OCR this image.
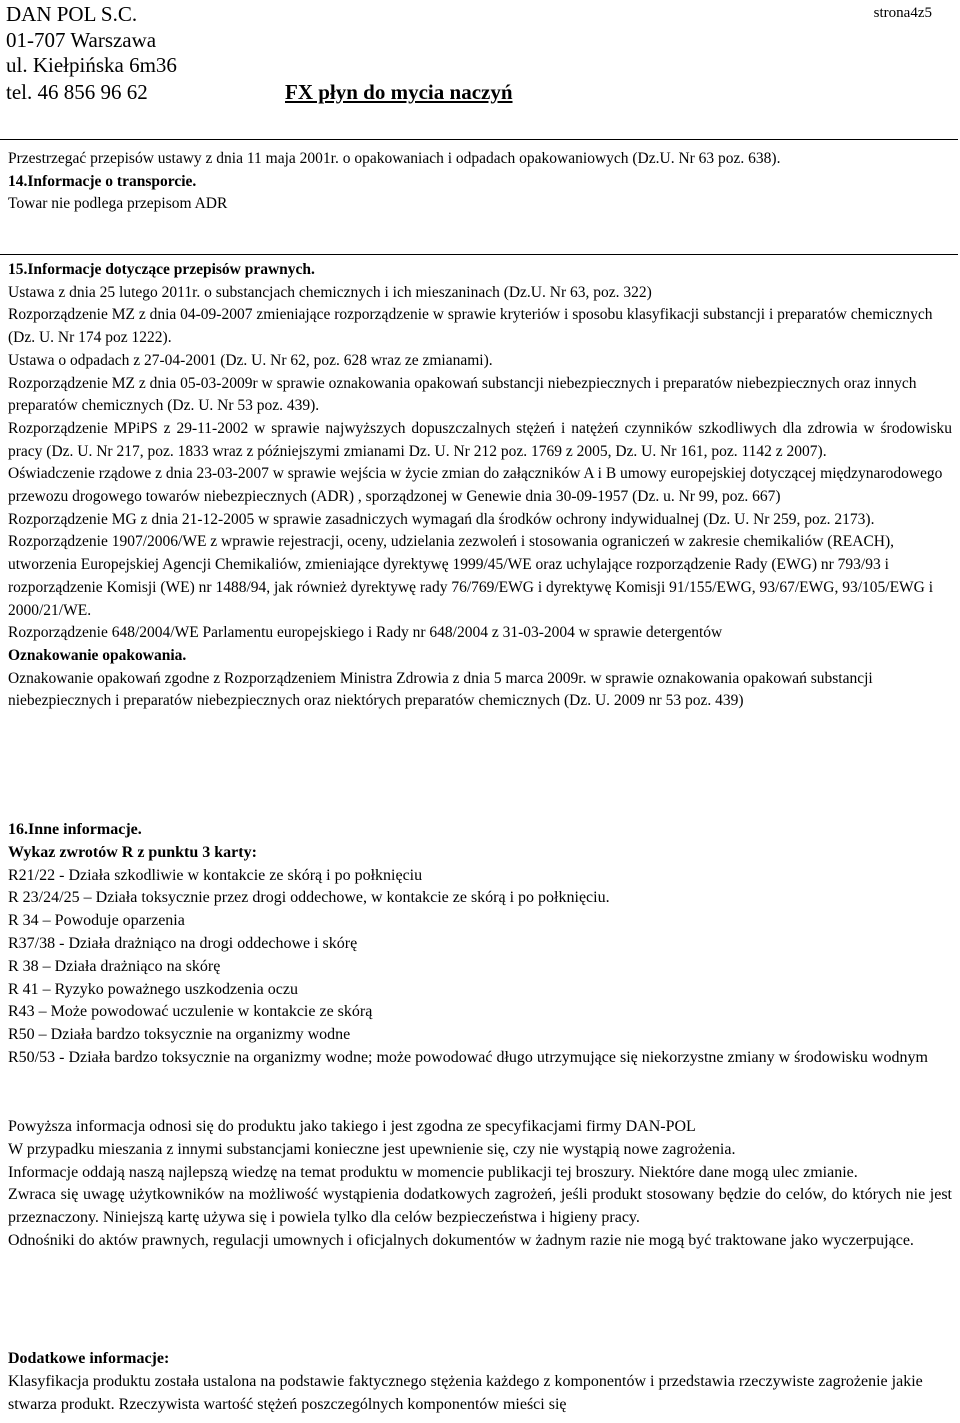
DAN POL S.C.
01-707 Warszawa
ul. Kiełpińska 6m36
tel. 46 856 96 62
strona4z5
FX płyn do mycia naczyń

Przestrzegać przepisów ustawy z dnia 11 maja 2001r. o opakowaniach i odpadach opakowaniowych (Dz.U. Nr 63 poz. 638).

14.Informacje o transporcie.

Towar nie podlega przepisom ADR

15.Informacje dotyczące przepisów prawnych.

Ustawa z dnia 25 lutego 2011r. o substancjach chemicznych i ich mieszaninach (Dz.U. Nr 63, poz. 322)

Rozporządzenie MZ z dnia 04-09-2007 zmieniające rozporządzenie w sprawie kryteriów i sposobu klasyfikacji substancji i preparatów chemicznych (Dz. U. Nr 174 poz 1222).

Ustawa o odpadach z 27-04-2001 (Dz. U. Nr 62, poz. 628 wraz ze zmianami).

Rozporządzenie MZ z dnia 05-03-2009r w sprawie oznakowania opakowań substancji niebezpiecznych i preparatów niebezpiecznych oraz innych preparatów chemicznych (Dz. U. Nr 53 poz. 439).

Rozporządzenie MPiPS z 29-11-2002 w sprawie najwyższych dopuszczalnych stężeń i natężeń czynników szkodliwych dla zdrowia w środowisku pracy (Dz. U. Nr 217, poz. 1833 wraz z późniejszymi zmianami Dz. U. Nr 212 poz. 1769 z 2005, Dz. U. Nr 161, poz. 1142 z 2007).

Oświadczenie rządowe z dnia 23-03-2007 w sprawie wejścia w życie zmian do załączników A i B umowy europejskiej dotyczącej międzynarodowego przewozu drogowego towarów niebezpiecznych (ADR) , sporządzonej w Genewie dnia 30-09-1957 (Dz. u. Nr 99, poz. 667)

Rozporządzenie MG z dnia 21-12-2005 w sprawie zasadniczych wymagań dla środków ochrony indywidualnej (Dz. U. Nr 259, poz. 2173).

Rozporządzenie 1907/2006/WE z wprawie rejestracji, oceny, udzielania zezwoleń i stosowania ograniczeń w zakresie chemikaliów (REACH), utworzenia Europejskiej Agencji Chemikaliów, zmieniające dyrektywę 1999/45/WE oraz uchylające rozporządzenie Rady (EWG) nr 793/93 i rozporządzenie Komisji (WE) nr 1488/94, jak również dyrektywę rady 76/769/EWG i dyrektywę Komisji 91/155/EWG, 93/67/EWG, 93/105/EWG i 2000/21/WE.

Rozporządzenie 648/2004/WE Parlamentu europejskiego i Rady nr 648/2004 z 31-03-2004 w sprawie detergentów

Oznakowanie opakowania.

Oznakowanie opakowań zgodne z Rozporządzeniem Ministra Zdrowia z dnia 5 marca 2009r. w sprawie oznakowania opakowań substancji niebezpiecznych i preparatów niebezpiecznych oraz niektórych preparatów chemicznych (Dz. U. 2009 nr 53 poz. 439)

16.Inne informacje.

Wykaz zwrotów R z punktu 3 karty:

R21/22 - Działa szkodliwie w kontakcie ze skórą i po połknięciu

R 23/24/25 – Działa toksycznie przez drogi oddechowe, w kontakcie ze skórą i po połknięciu.

R 34 – Powoduje oparzenia

R37/38 - Działa drażniąco na drogi oddechowe i skórę

R 38 – Działa drażniąco na skórę

R 41 – Ryzyko poważnego uszkodzenia oczu

R43 – Może powodować uczulenie w kontakcie ze skórą

R50 – Działa bardzo toksycznie na organizmy wodne

R50/53 - Działa bardzo toksycznie na organizmy wodne; może powodować długo utrzymujące się niekorzystne zmiany w środowisku wodnym

Powyższa informacja odnosi się do produktu jako takiego i jest zgodna ze specyfikacjami firmy DAN-POL

W przypadku mieszania z innymi substancjami konieczne jest upewnienie się, czy nie wystąpią nowe zagrożenia.

Informacje oddają naszą najlepszą wiedzę na temat produktu w momencie publikacji tej broszury. Niektóre dane mogą ulec zmianie.

Zwraca się uwagę użytkowników na możliwość wystąpienia dodatkowych zagrożeń, jeśli produkt stosowany będzie do celów, do których nie jest przeznaczony. Niniejszą kartę używa się i powiela tylko dla celów bezpieczeństwa i higieny pracy.

Odnośniki do aktów prawnych, regulacji umownych i oficjalnych dokumentów w żadnym razie nie mogą być traktowane jako wyczerpujące.

Dodatkowe informacje:

Klasyfikacja produktu została ustalona na podstawie faktycznego stężenia każdego z komponentów i przedstawia rzeczywiste zagrożenie jakie stwarza produkt. Rzeczywista wartość stężeń poszczególnych komponentów mieści się
